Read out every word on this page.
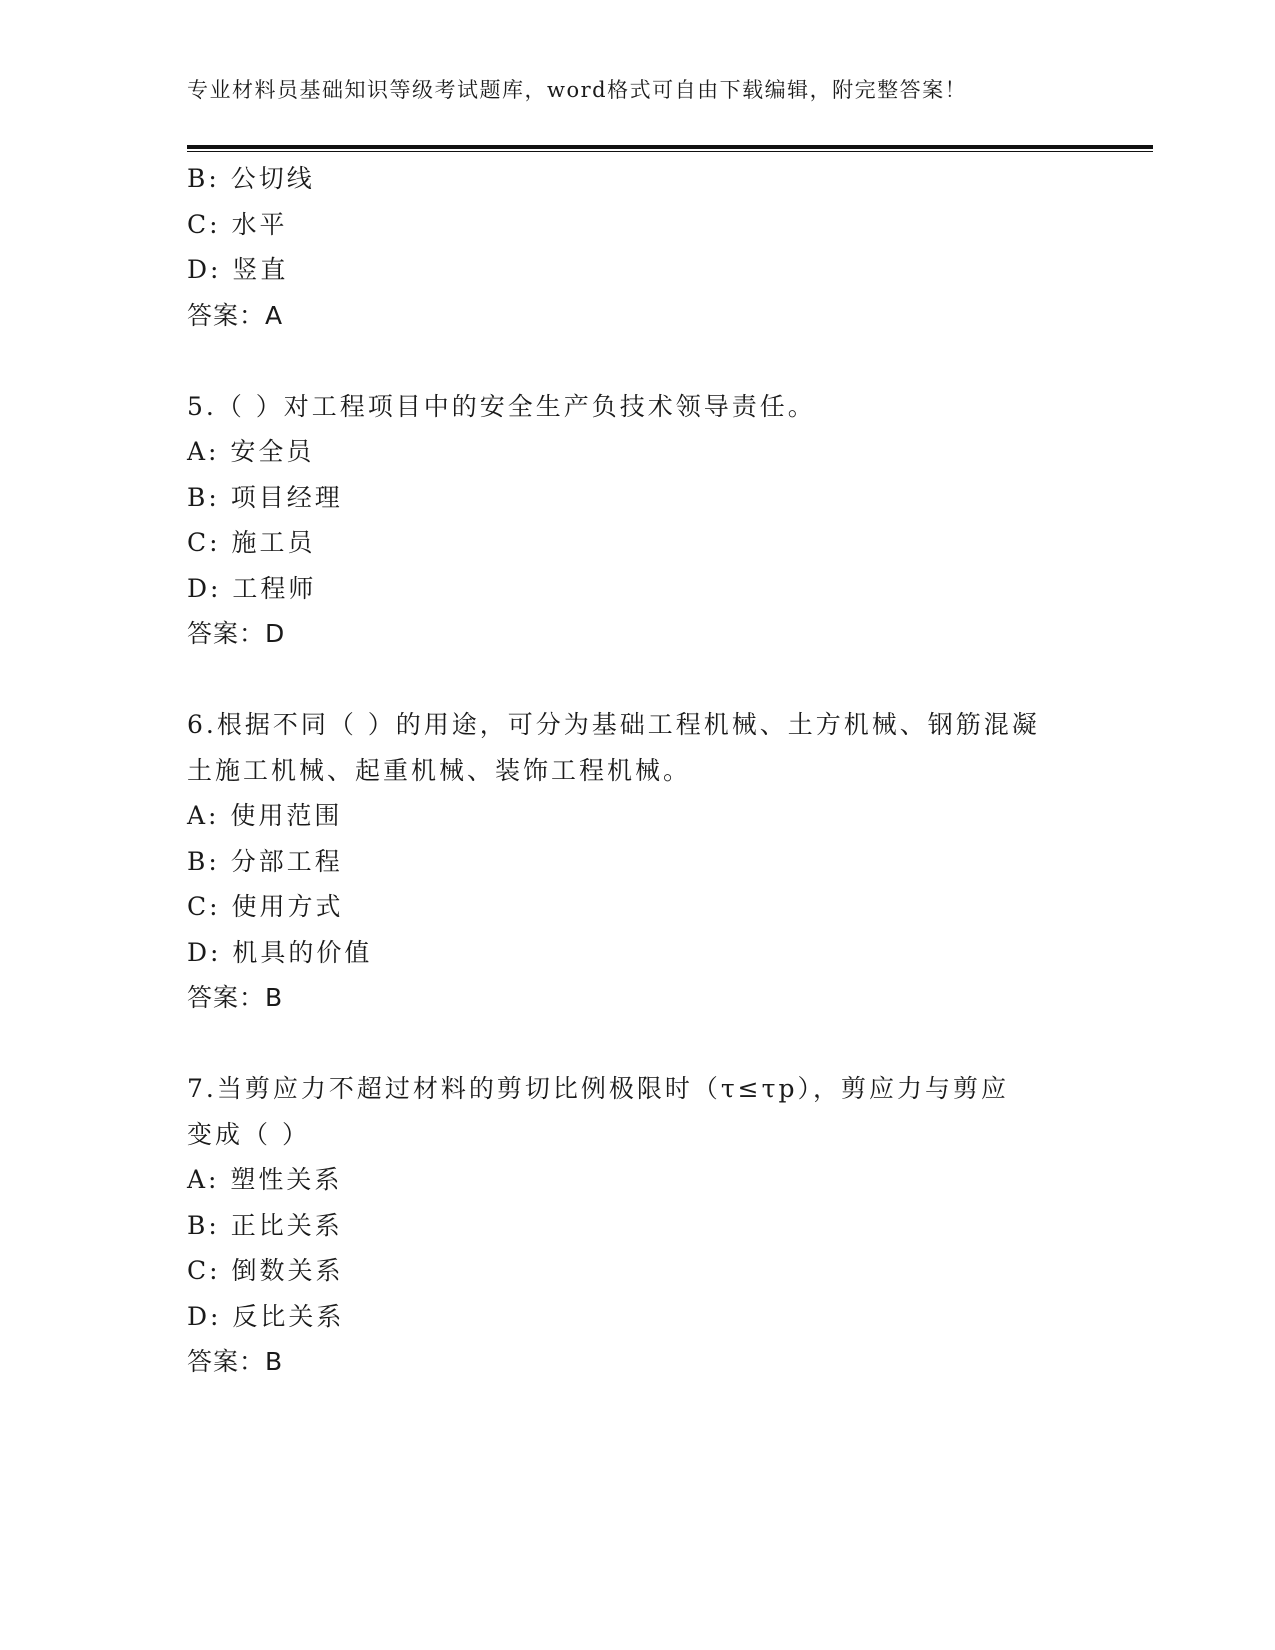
专业材料员基础知识等级考试题库，word格式可自由下载编辑，附完整答案！
B: 公切线
C: 水平
D: 竖直
答案：A
5.（ ）对工程项目中的安全生产负技术领导责任。
A: 安全员
B: 项目经理
C: 施工员
D: 工程师
答案：D
6.根据不同（ ）的用途，可分为基础工程机械、土方机械、钢筋混凝
土施工机械、起重机械、装饰工程机械。
A: 使用范围
B: 分部工程
C: 使用方式
D: 机具的价值
答案：B
7.当剪应力不超过材料的剪切比例极限时（τ≤τp），剪应力与剪应
变成（ ）
A: 塑性关系
B: 正比关系
C: 倒数关系
D: 反比关系
答案：B
